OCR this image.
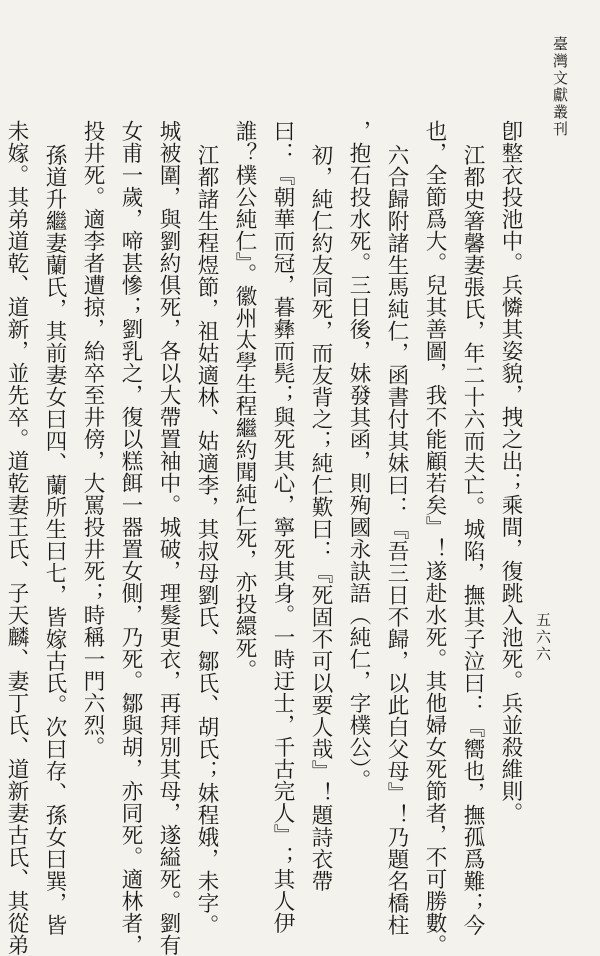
臺灣文獻叢刊
五六六
卽整衣投池中。兵憐其姿貌，拽之出；乘間，復跳入池死。兵並殺維則。
江都史箸馨妻張氏，年二十六而夫亡。城陷，撫其子泣曰：『嚮也，撫孤爲難；今
也，全節爲大。兒其善圖，我不能顧若矣』！遂赴水死。其他婦女死節者，不可勝數。
六合歸附諸生馬純仁，函書付其妹曰：『吾三日不歸，以此白父母』！乃題名橋柱
，抱石投水死。三日後，妹發其函，則殉國永訣語（純仁，字樸公）。
初，純仁約友同死，而友背之；純仁歎曰：『死固不可以要人哉』！題詩衣帶
曰：『朝華而冠，暮彝而髡；與死其心，寧死其身。一時迂士，千古完人』；其人伊
誰？樸公純仁』。徽州太學生程繼約聞純仁死，亦投繯死。
江都諸生程煜節，祖姑適林、姑適李，其叔母劉氏、鄒氏、胡氏；妹程娥，未字。
城被圍，與劉約俱死，各以大帶置袖中。城破，理髮更衣，再拜別其母，遂縊死。劉有
女甫一歲，啼甚慘；劉乳之，復以糕餌一器置女側，乃死。鄒與胡，亦同死。適林者，
投井死。適李者遭掠，紿卒至井傍，大罵投井死；時稱一門六烈。
孫道升繼妻蘭氏，其前妻女曰四、蘭所生曰七，皆嫁古氏。次曰存、孫女曰巽，皆
未嫁。其弟道乾、道新，並先卒。道乾妻王氏、子天麟、妻丁氏、道新妻古氏、其從弟
